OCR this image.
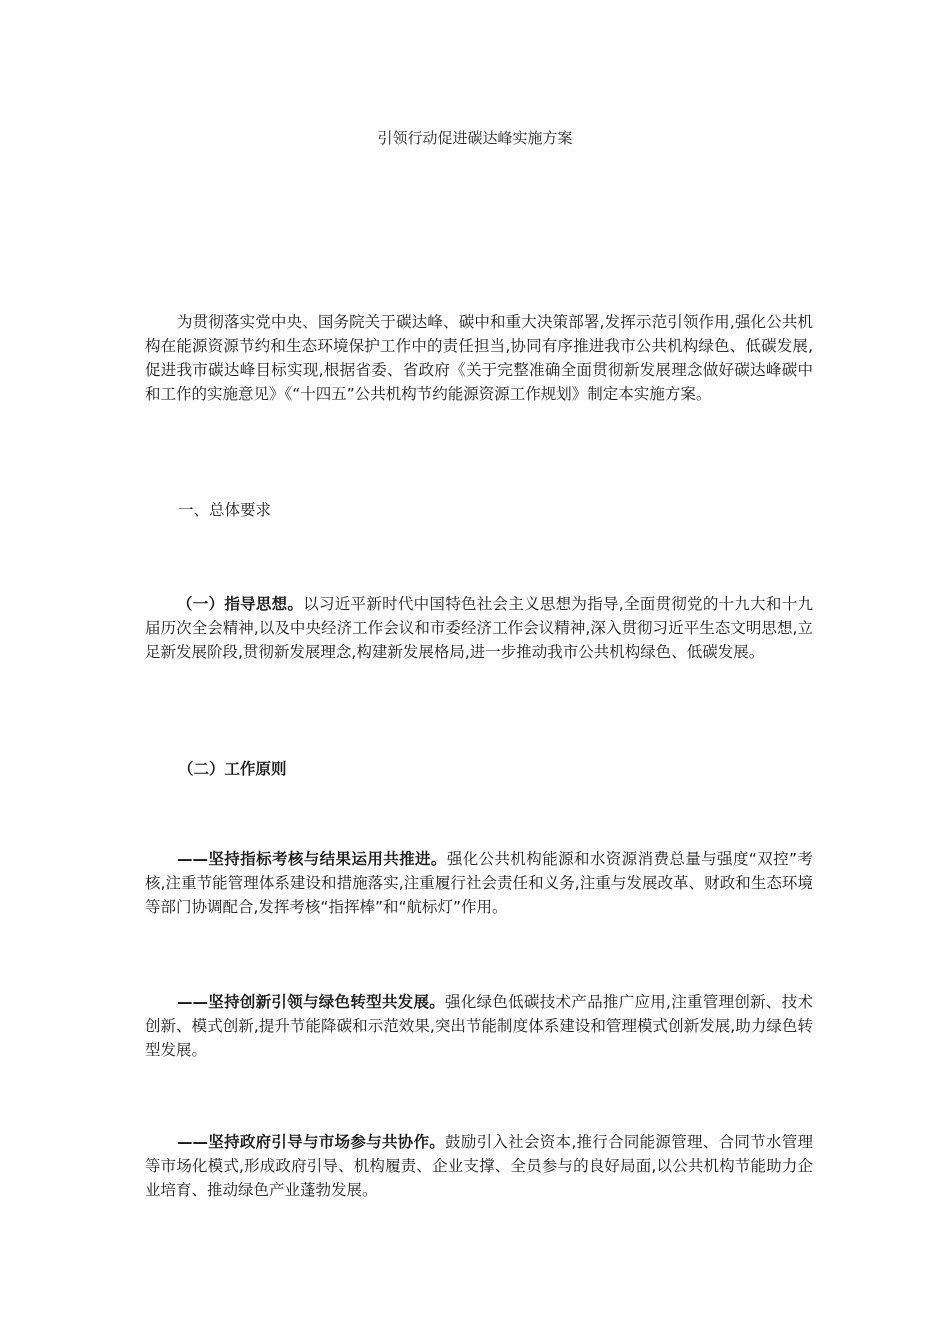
引领行动促进碳达峰实施方案

为贯彻落实党中央、国务院关于碳达峰、碳中和重大决策部署,发挥示范引领作用,强化公共机构在能源资源节约和生态环境保护工作中的责任担当,协同有序推进我市公共机构绿色、低碳发展,促进我市碳达峰目标实现,根据省委、省政府《关于完整准确全面贯彻新发展理念做好碳达峰碳中和工作的实施意见》《“十四五”公共机构节约能源资源工作规划》制定本实施方案。

一、总体要求

（一）指导思想。以习近平新时代中国特色社会主义思想为指导,全面贯彻党的十九大和十九届历次全会精神,以及中央经济工作会议和市委经济工作会议精神,深入贯彻习近平生态文明思想,立足新发展阶段,贯彻新发展理念,构建新发展格局,进一步推动我市公共机构绿色、低碳发展。

（二）工作原则

——坚持指标考核与结果运用共推进。强化公共机构能源和水资源消费总量与强度“双控”考核,注重节能管理体系建设和措施落实,注重履行社会责任和义务,注重与发展改革、财政和生态环境等部门协调配合,发挥考核“指挥棒”和“航标灯”作用。

——坚持创新引领与绿色转型共发展。强化绿色低碳技术产品推广应用,注重管理创新、技术创新、模式创新,提升节能降碳和示范效果,突出节能制度体系建设和管理模式创新发展,助力绿色转型发展。

——坚持政府引导与市场参与共协作。鼓励引入社会资本,推行合同能源管理、合同节水管理等市场化模式,形成政府引导、机构履责、企业支撑、全员参与的良好局面,以公共机构节能助力企业培育、推动绿色产业蓬勃发展。
